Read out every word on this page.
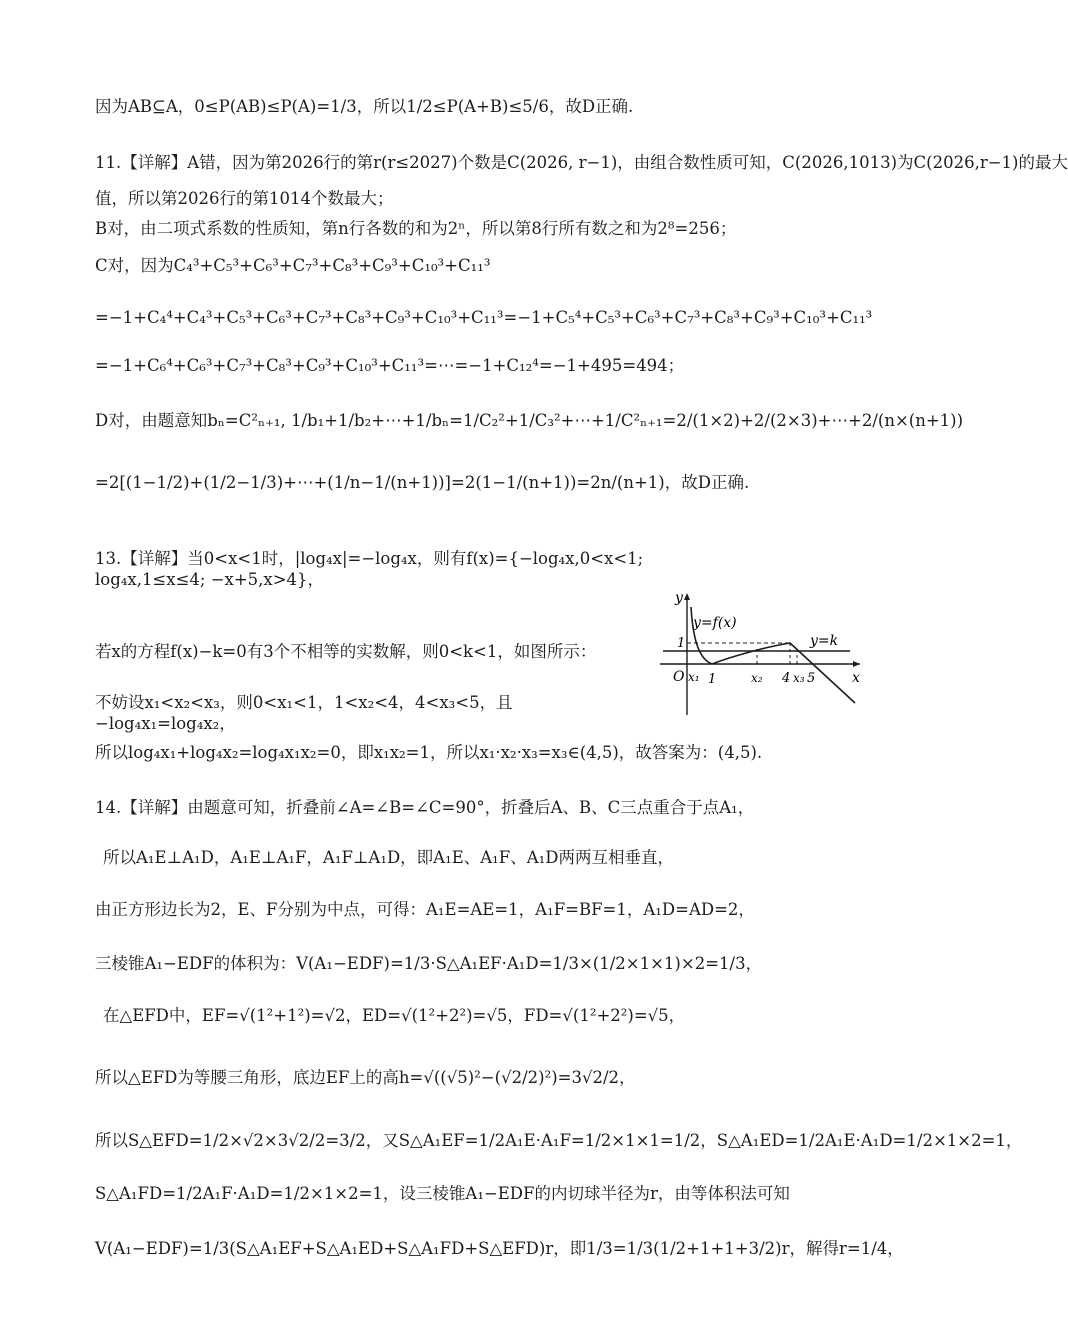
因为AB⊆A，0≤P(AB)≤P(A)=1/3，所以1/2≤P(A+B)≤5/6，故D正确.
11.【详解】A错，因为第2026行的第r(r≤2027)个数是C(2026, r−1)，由组合数性质可知，C(2026,1013)为C(2026,r−1)的最大
值，所以第2026行的第1014个数最大；
B对，由二项式系数的性质知，第n行各数的和为2ⁿ，所以第8行所有数之和为2⁸=256；
C对，因为C₄³+C₅³+C₆³+C₇³+C₈³+C₉³+C₁₀³+C₁₁³
=−1+C₄⁴+C₄³+C₅³+C₆³+C₇³+C₈³+C₉³+C₁₀³+C₁₁³=−1+C₅⁴+C₅³+C₆³+C₇³+C₈³+C₉³+C₁₀³+C₁₁³
=−1+C₆⁴+C₆³+C₇³+C₈³+C₉³+C₁₀³+C₁₁³=⋯=−1+C₁₂⁴=−1+495=494；
D对，由题意知bₙ=C²ₙ₊₁, 1/b₁+1/b₂+⋯+1/bₙ=1/C₂²+1/C₃²+⋯+1/C²ₙ₊₁=2/(1×2)+2/(2×3)+⋯+2/(n×(n+1))
=2[(1−1/2)+(1/2−1/3)+⋯+(1/n−1/(n+1))]=2(1−1/(n+1))=2n/(n+1)，故D正确.
13.【详解】当0<x<1时，|log₄x|=−log₄x，则有f(x)={−log₄x,0<x<1; log₄x,1≤x≤4; −x+5,x>4}，
若x的方程f(x)−k=0有3个不相等的实数解，则0<k<1，如图所示：
不妨设x₁<x₂<x₃，则0<x₁<1，1<x₂<4，4<x₃<5，且−log₄x₁=log₄x₂，
所以log₄x₁+log₄x₂=log₄x₁x₂=0，即x₁x₂=1，所以x₁·x₂·x₃=x₃∈(4,5)，故答案为：(4,5).
14.【详解】由题意可知，折叠前∠A=∠B=∠C=90°，折叠后A、B、C三点重合于点A₁，
所以A₁E⊥A₁D，A₁E⊥A₁F，A₁F⊥A₁D，即A₁E、A₁F、A₁D两两互相垂直，
由正方形边长为2，E、F分别为中点，可得：A₁E=AE=1，A₁F=BF=1，A₁D=AD=2，
三棱锥A₁−EDF的体积为：V(A₁−EDF)=1/3·S△A₁EF·A₁D=1/3×(1/2×1×1)×2=1/3，
在△EFD中，EF=√(1²+1²)=√2，ED=√(1²+2²)=√5，FD=√(1²+2²)=√5，
所以△EFD为等腰三角形，底边EF上的高h=√((√5)²−(√2/2)²)=3√2/2，
所以S△EFD=1/2×√2×3√2/2=3/2，又S△A₁EF=1/2A₁E·A₁F=1/2×1×1=1/2，S△A₁ED=1/2A₁E·A₁D=1/2×1×2=1，
S△A₁FD=1/2A₁F·A₁D=1/2×1×2=1，设三棱锥A₁−EDF的内切球半径为r，由等体积法可知
V(A₁−EDF)=1/3(S△A₁EF+S△A₁ED+S△A₁FD+S△EFD)r，即1/3=1/3(1/2+1+1+3/2)r，解得r=1/4，
y
x
y=f(x)
y=k
O
1
x₁ 1	x₂ 4 x₃ 5
